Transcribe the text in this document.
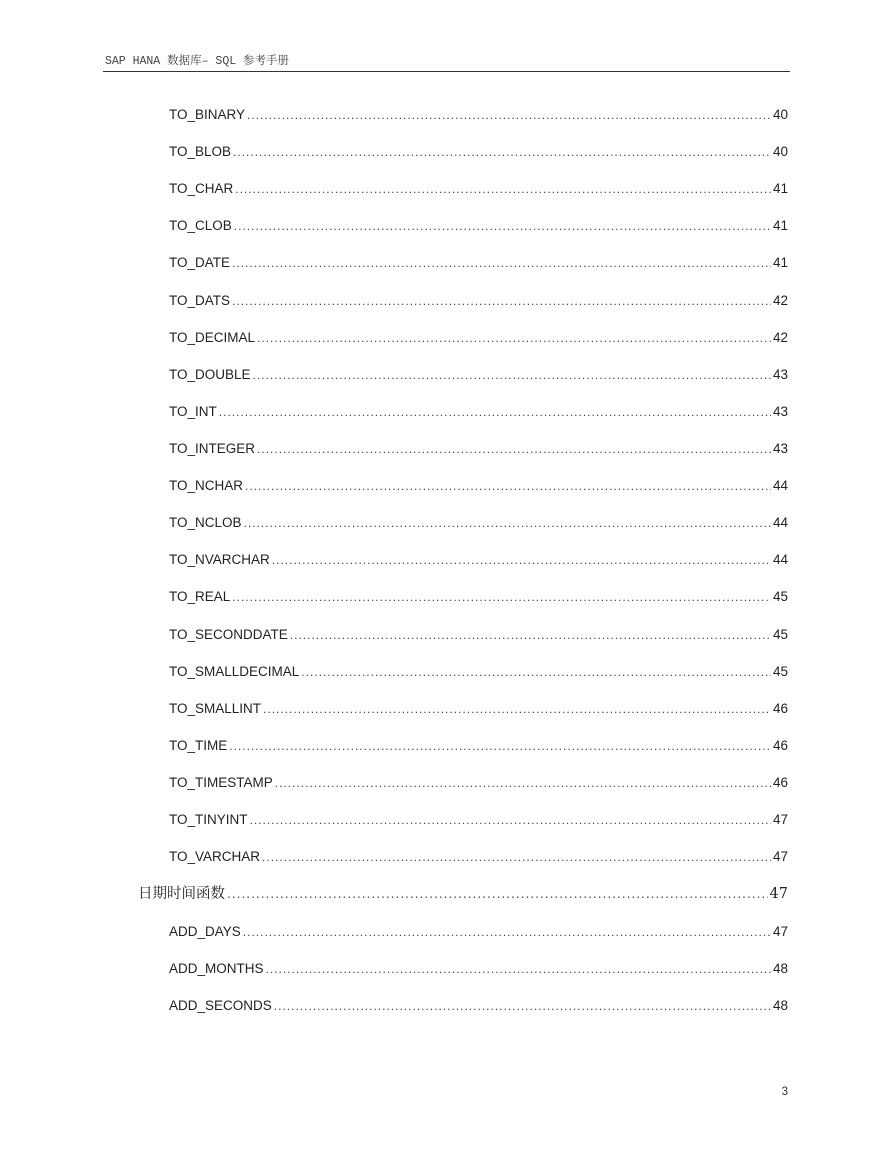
SAP HANA 数据库– SQL 参考手册
TO_BINARY .....	40
TO_BLOB .....	40
TO_CHAR .....	41
TO_CLOB .....	41
TO_DATE .....	41
TO_DATS .....	42
TO_DECIMAL .....	42
TO_DOUBLE .....	43
TO_INT .....	43
TO_INTEGER .....	43
TO_NCHAR .....	44
TO_NCLOB .....	44
TO_NVARCHAR .....	44
TO_REAL .....	45
TO_SECONDDATE .....	45
TO_SMALLDECIMAL .....	45
TO_SMALLINT .....	46
TO_TIME .....	46
TO_TIMESTAMP .....	46
TO_TINYINT .....	47
TO_VARCHAR .....	47
日期时间函数 .....	47
ADD_DAYS .....	47
ADD_MONTHS .....	48
ADD_SECONDS .....	48
3
